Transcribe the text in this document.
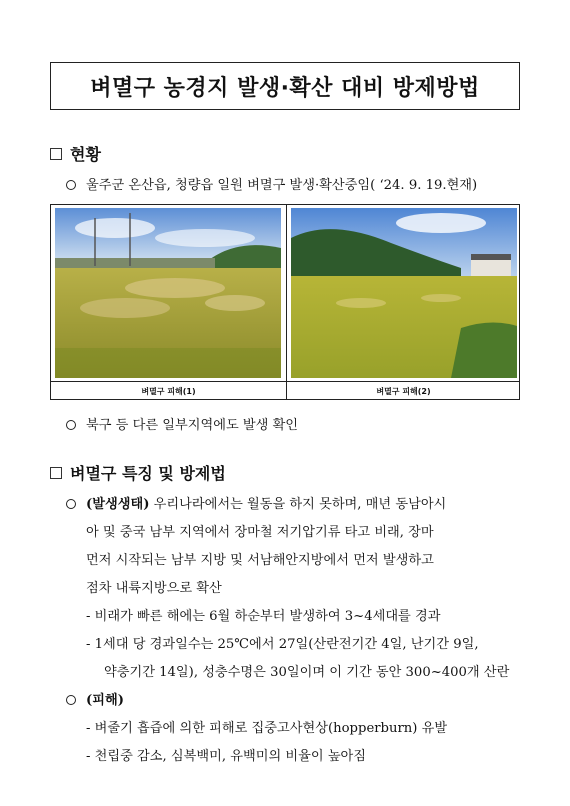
벼멸구 농경지 발생·확산 대비 방제방법
현황
울주군 온산읍, 청량읍 일원 벼멸구 발생·확산중임( ‘24. 9. 19.현재)
벼멸구 피해(1)	벼멸구 피해(2)
북구 등 다른 일부지역에도 발생 확인
벼멸구 특징 및 방제법
(발생생태) 우리나라에서는 월동을 하지 못하며, 매년 동남아시
아 및 중국 남부 지역에서 장마철 저기압기류 타고 비래, 장마
먼저 시작되는 남부 지방 및 서남해안지방에서 먼저 발생하고
점차 내륙지방으로 확산
- 비래가 빠른 해에는 6월 하순부터 발생하여 3~4세대를 경과
- 1세대 당 경과일수는 25℃에서 27일(산란전기간 4일, 난기간 9일,
약충기간 14일), 성충수명은 30일이며 이 기간 동안 300~400개 산란
(피해)
- 벼줄기 흡즙에 의한 피해로 집중고사현상(hopperburn) 유발
- 천립중 감소, 심복백미, 유백미의 비율이 높아짐
